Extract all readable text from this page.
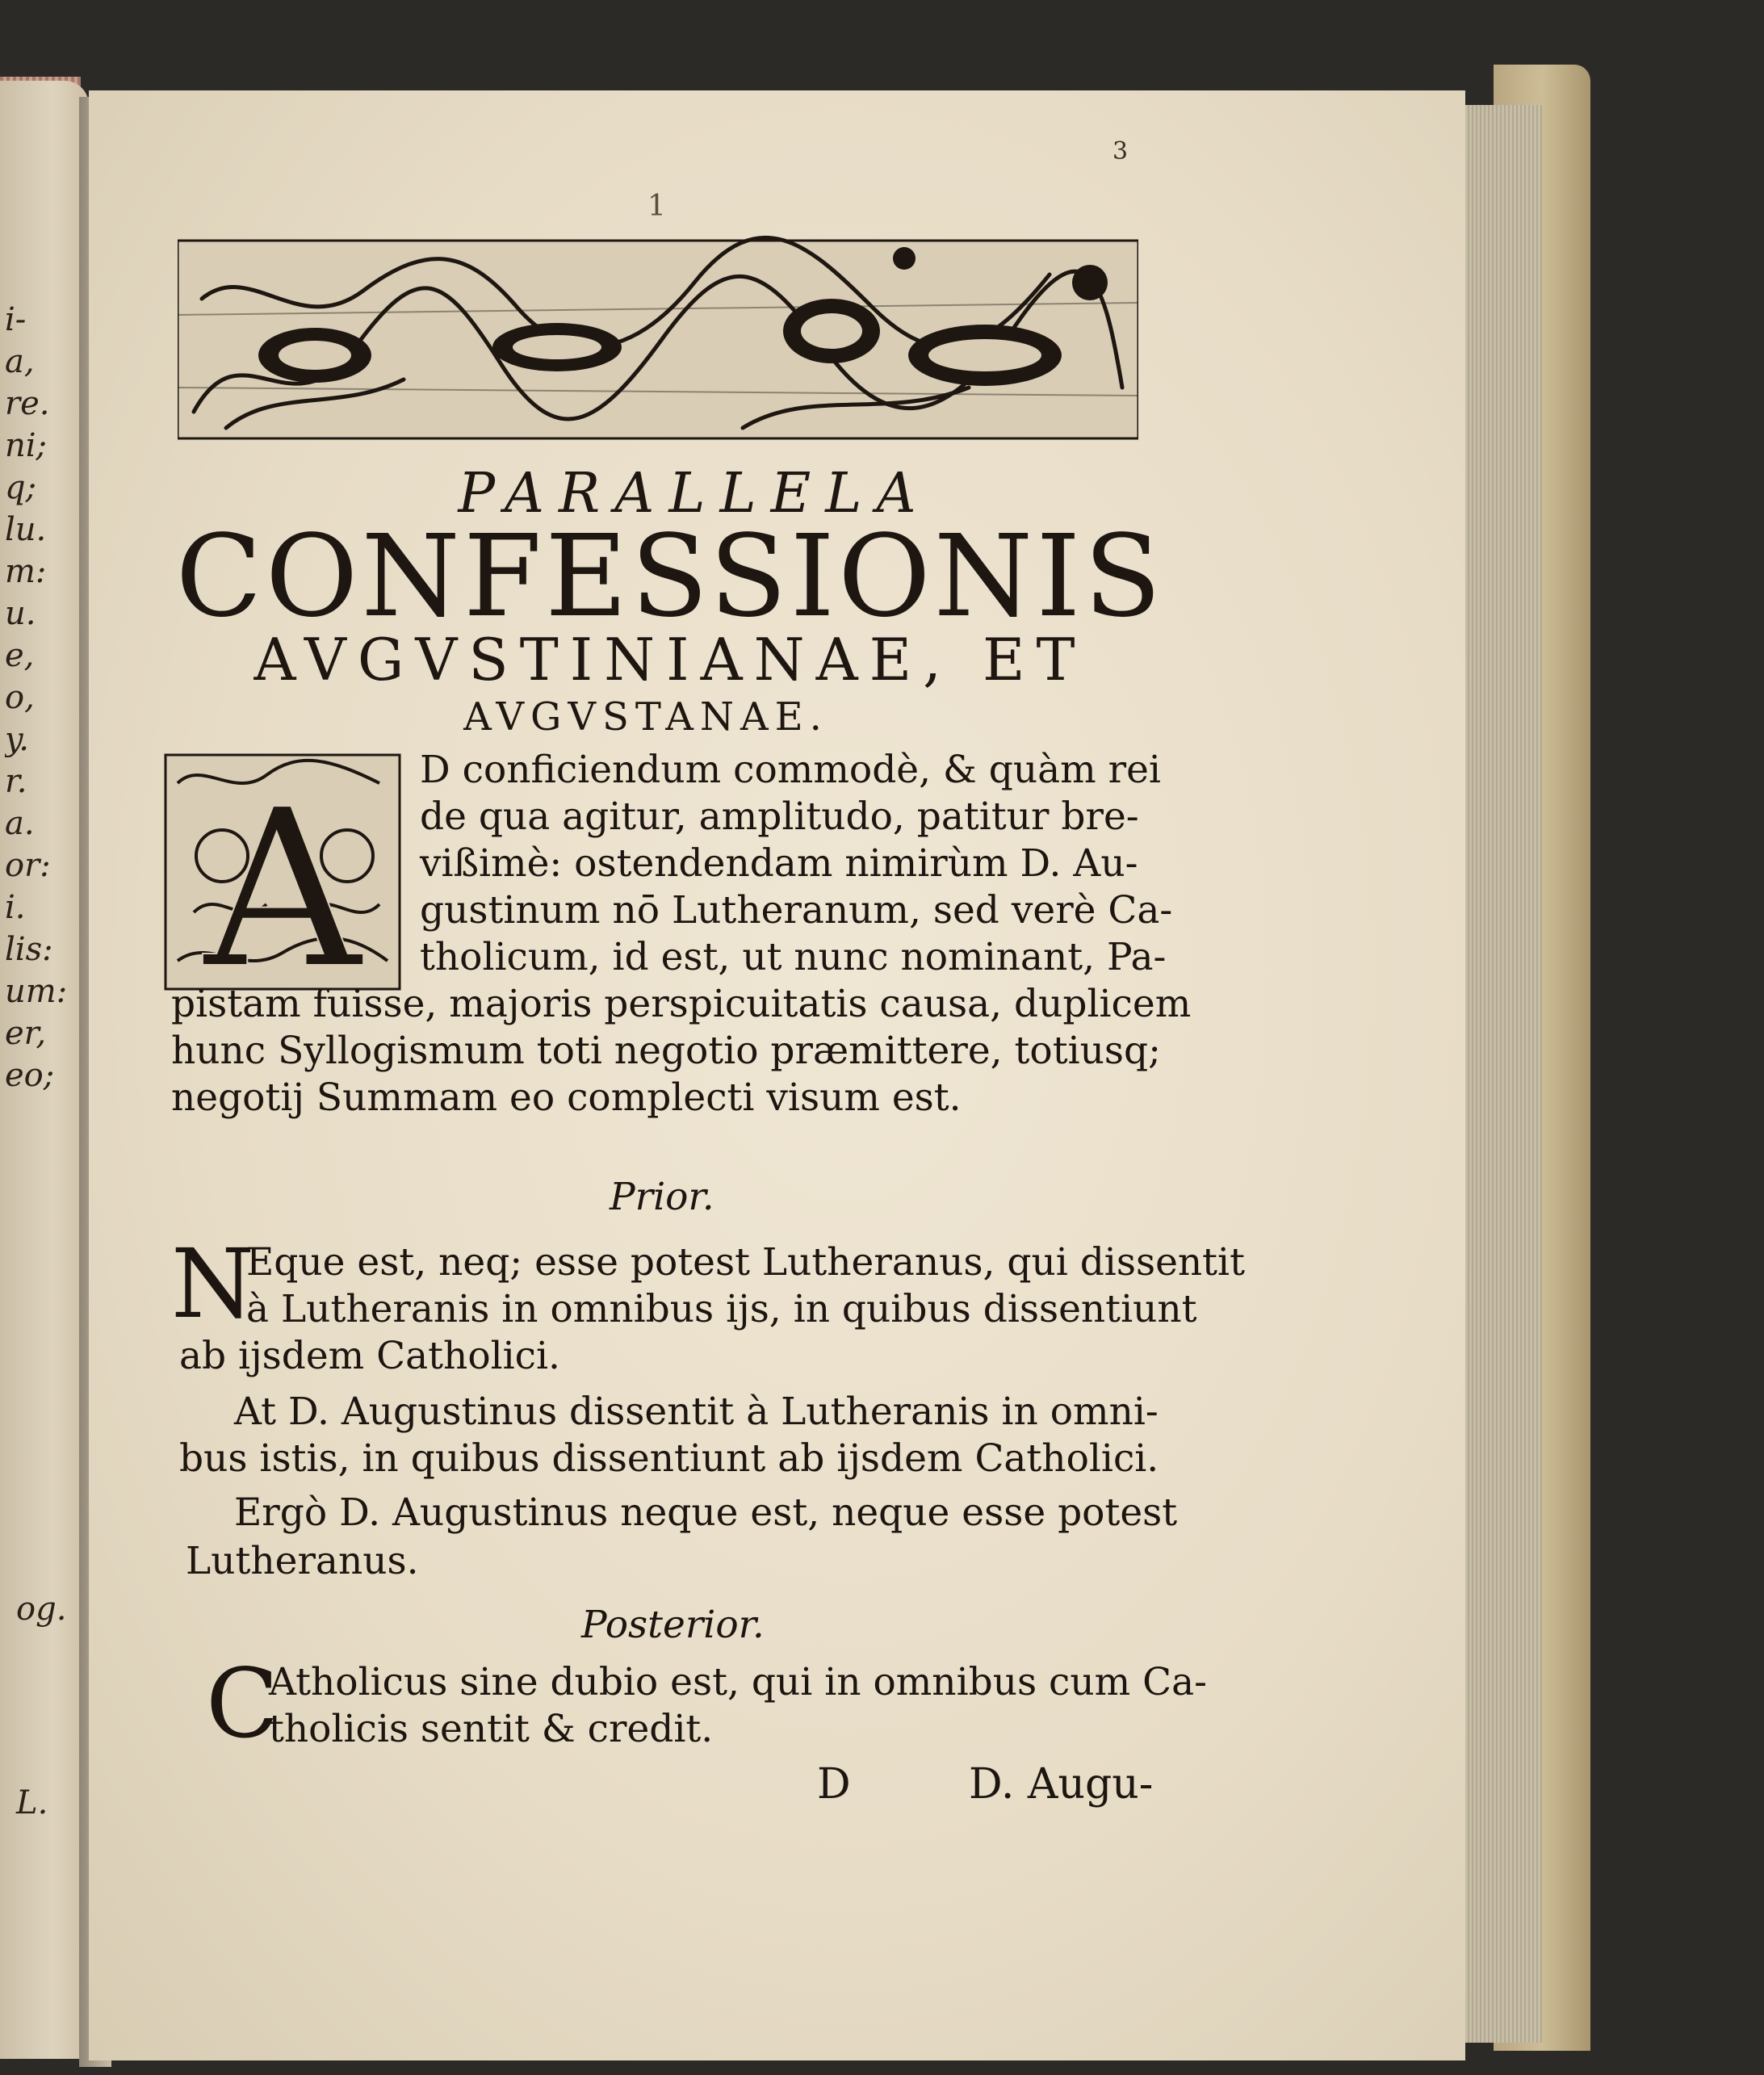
i-
a,
re.
ni;
q;
lu.
m:
u.
e,
o,
y.
r.
a.
or:
i.
lis:
um:
er,
eo;
og.
L.
1
3
PARALLELA
CONFESSIONIS
AVGVSTINIANAE, ET
AVGVSTANAE.
A D conficiendum commodè, & quàm rei
de qua agitur, amplitudo, patitur bre-
vißimè: ostendendam nimirùm D. Au-
gustinum nō Lutheranum, sed verè Ca-
tholicum, id est, ut nunc nominant, Pa-
pistam fuisse, majoris perspicuitatis causa, duplicem
hunc Syllogismum toti negotio præmittere, totiusq;
negotij Summam eo complecti visum est.
Prior.
N
Eque est, neq; esse potest Lutheranus, qui dissentit
à Lutheranis in omnibus ijs, in quibus dissentiunt
ab ijsdem Catholici.
At D. Augustinus dissentit à Lutheranis in omni-
bus istis, in quibus dissentiunt ab ijsdem Catholici.
Ergò D. Augustinus neque est, neque esse potest
Lutheranus.
Posterior.
C
Atholicus sine dubio est, qui in omnibus cum Ca-
tholicis sentit & credit.
D	D. Augu-
